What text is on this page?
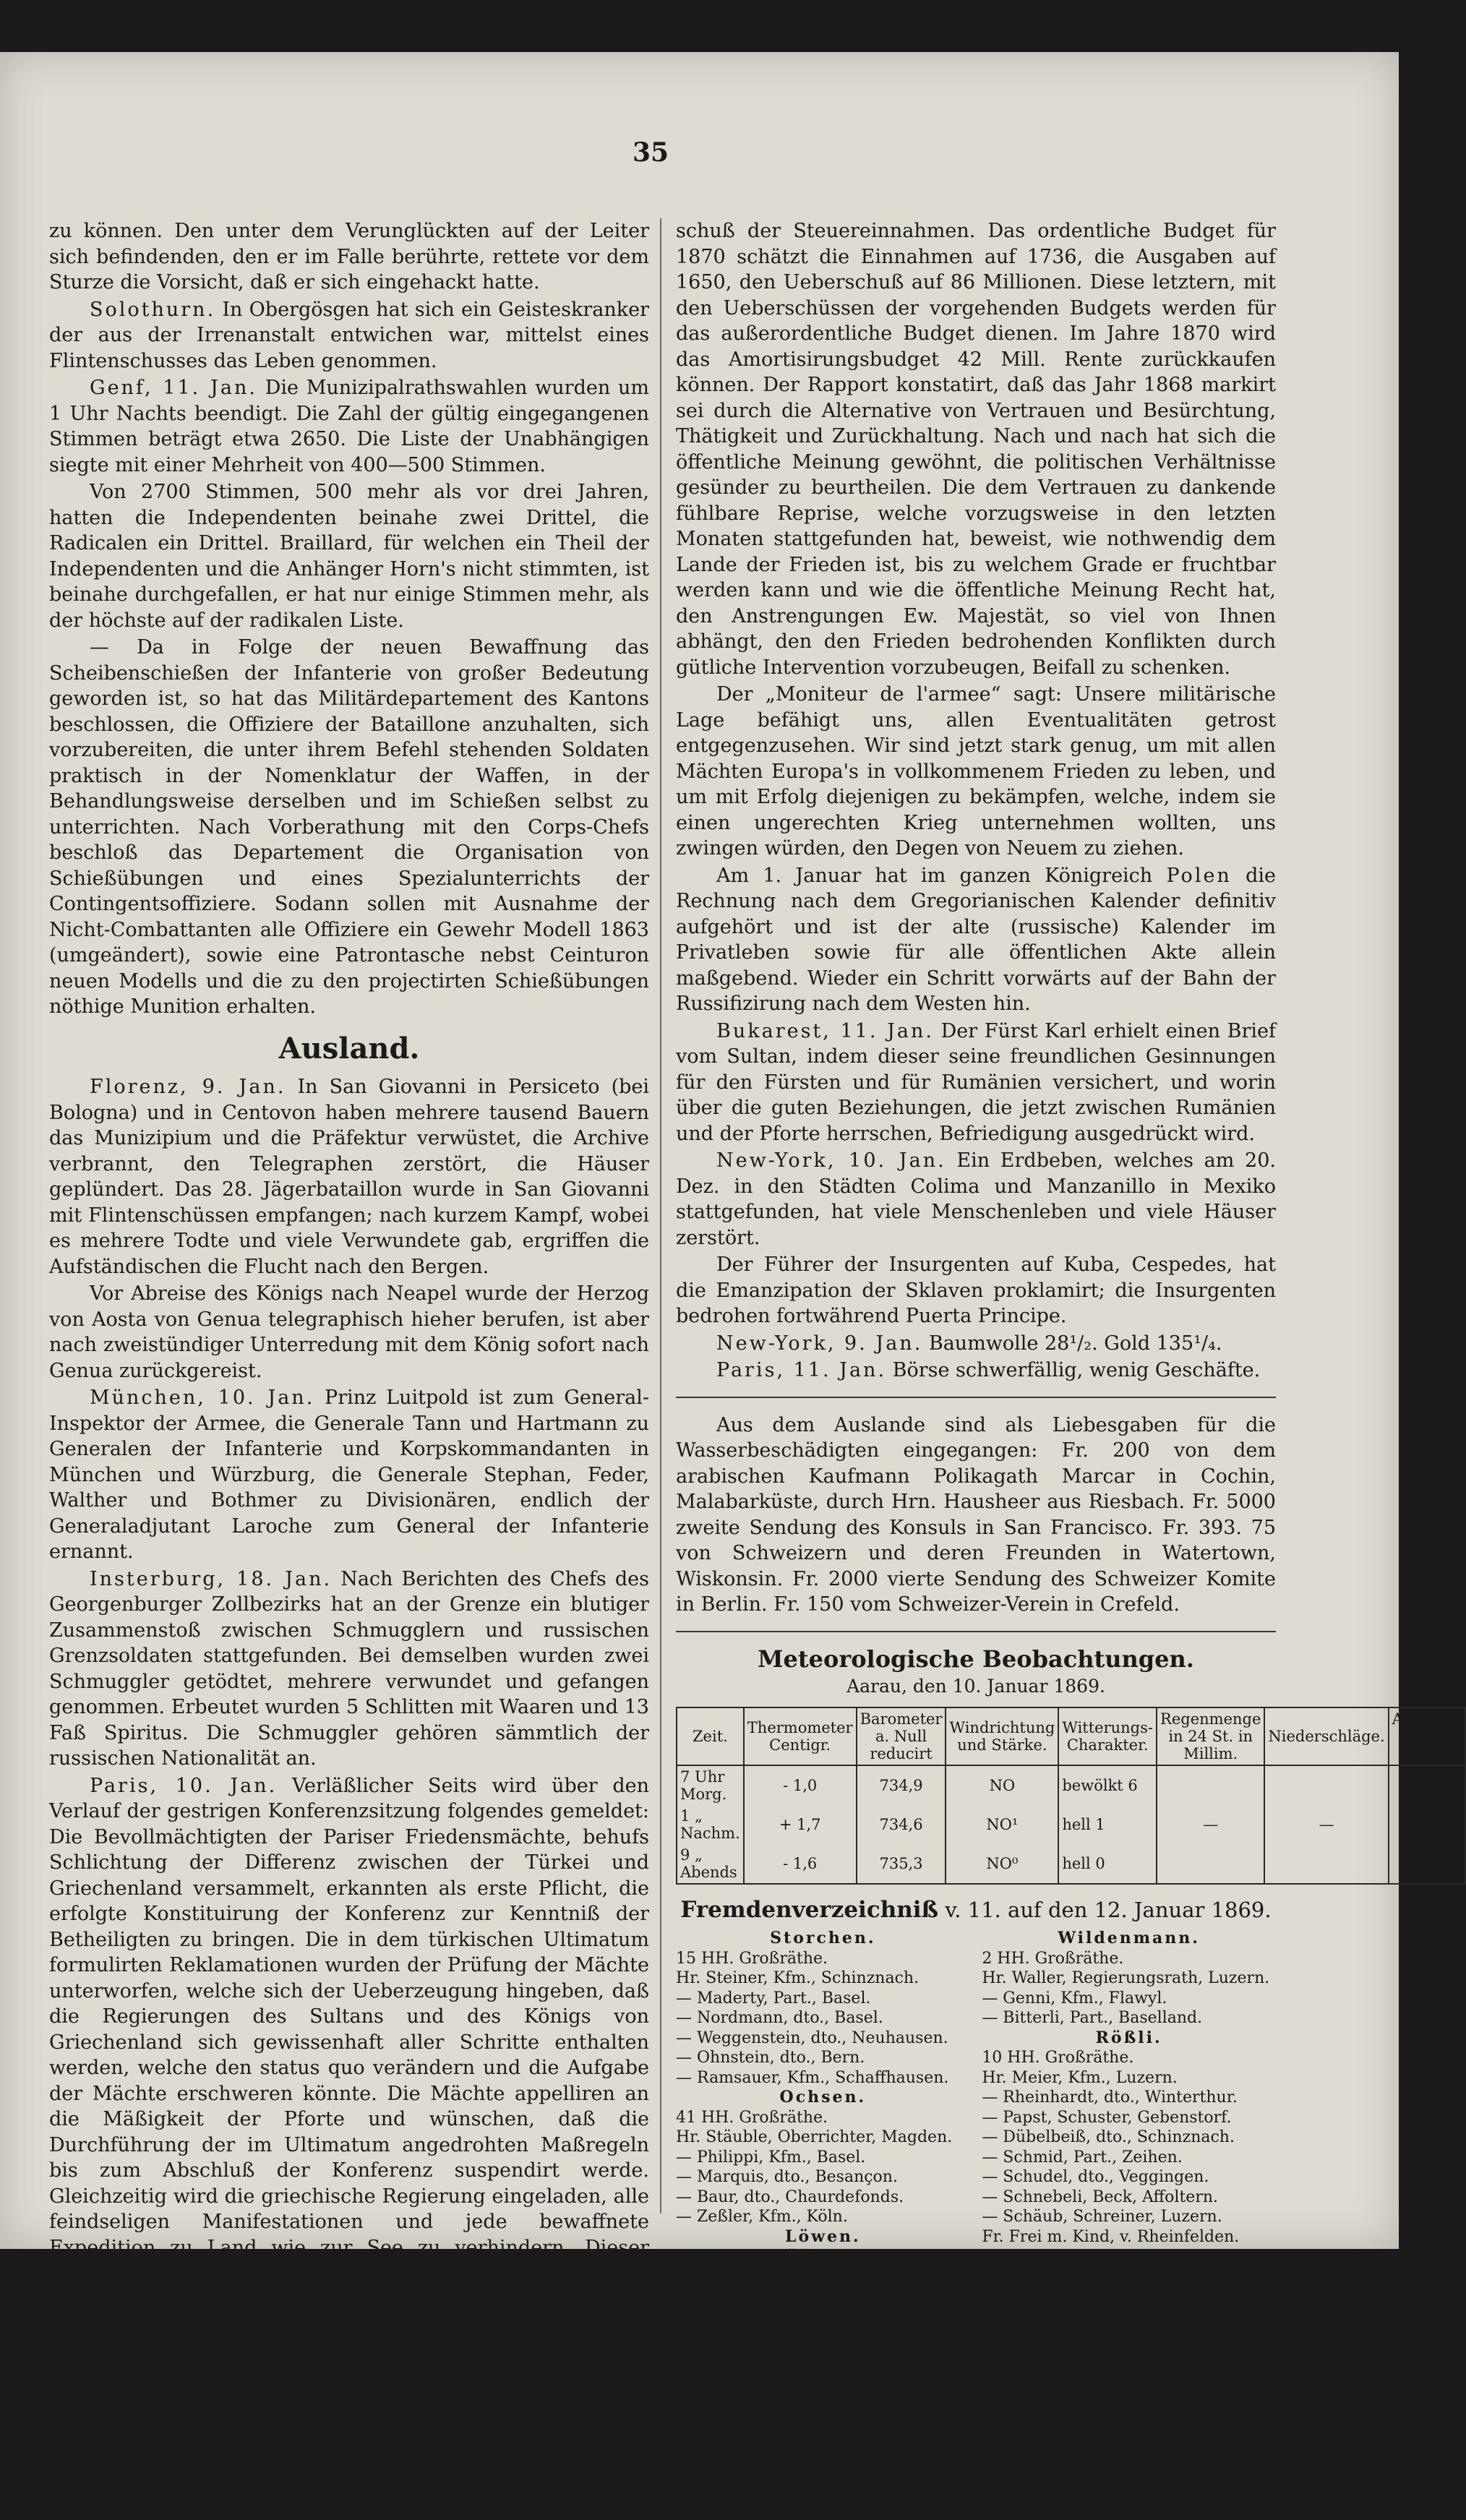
35

zu können. Den unter dem Verunglückten auf der Leiter sich befindenden, den er im Falle berührte, rettete vor dem Sturze die Vorsicht, daß er sich eingehackt hatte.

Solothurn. In Obergösgen hat sich ein Geisteskranker der aus der Irrenanstalt entwichen war, mittelst eines Flintenschusses das Leben genommen.

Genf, 11. Jan. Die Munizipalrathswahlen wurden um 1 Uhr Nachts beendigt. Die Zahl der gültig eingegangenen Stimmen beträgt etwa 2650. Die Liste der Unabhängigen siegte mit einer Mehrheit von 400—500 Stimmen.

Von 2700 Stimmen, 500 mehr als vor drei Jahren, hatten die Independenten beinahe zwei Drittel, die Radicalen ein Drittel. Braillard, für welchen ein Theil der Independenten und die Anhänger Horn's nicht stimmten, ist beinahe durchgefallen, er hat nur einige Stimmen mehr, als der höchste auf der radikalen Liste.

— Da in Folge der neuen Bewaffnung das Scheibenschießen der Infanterie von großer Bedeutung geworden ist, so hat das Militärdepartement des Kantons beschlossen, die Offiziere der Bataillone anzuhalten, sich vorzubereiten, die unter ihrem Befehl stehenden Soldaten praktisch in der Nomenklatur der Waffen, in der Behandlungsweise derselben und im Schießen selbst zu unterrichten. Nach Vorberathung mit den Corps-Chefs beschloß das Departement die Organisation von Schießübungen und eines Spezialunterrichts der Contingentsoffiziere. Sodann sollen mit Ausnahme der Nicht-Combattanten alle Offiziere ein Gewehr Modell 1863 (umgeändert), sowie eine Patrontasche nebst Ceinturon neuen Modells und die zu den projectirten Schießübungen nöthige Munition erhalten.

Ausland.

Florenz, 9. Jan. In San Giovanni in Persiceto (bei Bologna) und in Centovon haben mehrere tausend Bauern das Munizipium und die Präfektur verwüstet, die Archive verbrannt, den Telegraphen zerstört, die Häuser geplündert. Das 28. Jägerbataillon wurde in San Giovanni mit Flintenschüssen empfangen; nach kurzem Kampf, wobei es mehrere Todte und viele Verwundete gab, ergriffen die Aufständischen die Flucht nach den Bergen.

Vor Abreise des Königs nach Neapel wurde der Herzog von Aosta von Genua telegraphisch hieher berufen, ist aber nach zweistündiger Unterredung mit dem König sofort nach Genua zurückgereist.

München, 10. Jan. Prinz Luitpold ist zum General-Inspektor der Armee, die Generale Tann und Hartmann zu Generalen der Infanterie und Korpskommandanten in München und Würzburg, die Generale Stephan, Feder, Walther und Bothmer zu Divisionären, endlich der Generaladjutant Laroche zum General der Infanterie ernannt.

Insterburg, 18. Jan. Nach Berichten des Chefs des Georgenburger Zollbezirks hat an der Grenze ein blutiger Zusammenstoß zwischen Schmugglern und russischen Grenzsoldaten stattgefunden. Bei demselben wurden zwei Schmuggler getödtet, mehrere verwundet und gefangen genommen. Erbeutet wurden 5 Schlitten mit Waaren und 13 Faß Spiritus. Die Schmuggler gehören sämmtlich der russischen Nationalität an.

Paris, 10. Jan. Verläßlicher Seits wird über den Verlauf der gestrigen Konferenzsitzung folgendes gemeldet: Die Bevollmächtigten der Pariser Friedensmächte, behufs Schlichtung der Differenz zwischen der Türkei und Griechenland versammelt, erkannten als erste Pflicht, die erfolgte Konstituirung der Konferenz zur Kenntniß der Betheiligten zu bringen. Die in dem türkischen Ultimatum formulirten Reklamationen wurden der Prüfung der Mächte unterworfen, welche sich der Ueberzeugung hingeben, daß die Regierungen des Sultans und des Königs von Griechenland sich gewissenhaft aller Schritte enthalten werden, welche den status quo verändern und die Aufgabe der Mächte erschweren könnte. Die Mächte appelliren an die Mäßigkeit der Pforte und wünschen, daß die Durchführung der im Ultimatum angedrohten Maßregeln bis zum Abschluß der Konferenz suspendirt werde. Gleichzeitig wird die griechische Regierung eingeladen, alle feindseligen Manifestationen und jede bewaffnete Expedition zu Land wie zur See zu verhindern. Dieser Konferenzbeschluß wurde gleichzeitig nach Konstantinopel und Athen modifizirt.

Paris, 11. Jan. Der Finanzrapport des Ministers Magne, der im offiziellen Journal veröffentlicht ist, sagt: Die schwebende Schuld ist von 902 auf 727 Mill. zurückgebracht worden. Die indirekten Steuern haben 1869 um 34 Mill. mehr als im Jahre 1867 ergeben. Der Dienst von 1869 wird kein Rektifikativ-Budget haben; die verlangten Nachtragskredite erreichen nicht 28 Mill. und werden reichlich aufgewogen werden durch den Ueber-

schuß der Steuereinnahmen. Das ordentliche Budget für 1870 schätzt die Einnahmen auf 1736, die Ausgaben auf 1650, den Ueberschuß auf 86 Millionen. Diese letztern, mit den Ueberschüssen der vorgehenden Budgets werden für das außerordentliche Budget dienen. Im Jahre 1870 wird das Amortisirungsbudget 42 Mill. Rente zurückkaufen können. Der Rapport konstatirt, daß das Jahr 1868 markirt sei durch die Alternative von Vertrauen und Besürchtung, Thätigkeit und Zurückhaltung. Nach und nach hat sich die öffentliche Meinung gewöhnt, die politischen Verhältnisse gesünder zu beurtheilen. Die dem Vertrauen zu dankende fühlbare Reprise, welche vorzugsweise in den letzten Monaten stattgefunden hat, beweist, wie nothwendig dem Lande der Frieden ist, bis zu welchem Grade er fruchtbar werden kann und wie die öffentliche Meinung Recht hat, den Anstrengungen Ew. Majestät, so viel von Ihnen abhängt, den den Frieden bedrohenden Konflikten durch gütliche Intervention vorzubeugen, Beifall zu schenken.

Der „Moniteur de l'armee“ sagt: Unsere militärische Lage befähigt uns, allen Eventualitäten getrost entgegenzusehen. Wir sind jetzt stark genug, um mit allen Mächten Europa's in vollkommenem Frieden zu leben, und um mit Erfolg diejenigen zu bekämpfen, welche, indem sie einen ungerechten Krieg unternehmen wollten, uns zwingen würden, den Degen von Neuem zu ziehen.

Am 1. Januar hat im ganzen Königreich Polen die Rechnung nach dem Gregorianischen Kalender definitiv aufgehört und ist der alte (russische) Kalender im Privatleben sowie für alle öffentlichen Akte allein maßgebend. Wieder ein Schritt vorwärts auf der Bahn der Russifizirung nach dem Westen hin.

Bukarest, 11. Jan. Der Fürst Karl erhielt einen Brief vom Sultan, indem dieser seine freundlichen Gesinnungen für den Fürsten und für Rumänien versichert, und worin über die guten Beziehungen, die jetzt zwischen Rumänien und der Pforte herrschen, Befriedigung ausgedrückt wird.

New-York, 10. Jan. Ein Erdbeben, welches am 20. Dez. in den Städten Colima und Manzanillo in Mexiko stattgefunden, hat viele Menschenleben und viele Häuser zerstört.

Der Führer der Insurgenten auf Kuba, Cespedes, hat die Emanzipation der Sklaven proklamirt; die Insurgenten bedrohen fortwährend Puerta Principe.

New-York, 9. Jan. Baumwolle 28¹/₂. Gold 135¹/₄.

Paris, 11. Jan. Börse schwerfällig, wenig Geschäfte.

Aus dem Auslande sind als Liebesgaben für die Wasserbeschädigten eingegangen: Fr. 200 von dem arabischen Kaufmann Polikagath Marcar in Cochin, Malabarküste, durch Hrn. Hausheer aus Riesbach. Fr. 5000 zweite Sendung des Konsuls in San Francisco. Fr. 393. 75 von Schweizern und deren Freunden in Watertown, Wiskonsin. Fr. 2000 vierte Sendung des Schweizer Komite in Berlin. Fr. 150 vom Schweizer-Verein in Crefeld.

Meteorologische Beobachtungen.
Aarau, den 10. Januar 1869.
Zeit.	Thermometer Centigr.	Barometer a. Null reducirt	Windrichtung und Stärke.	Witterungs-Charakter.	Regenmenge in 24 St. in Millim.	Niederschläge.	Aarstand in Fußen.
7 Uhr Morg.	- 1,0	734,9	NO	bewölkt 6			12,3
1 „ Nachm.	+ 1,7	734,6	NO¹	hell 1	—	—	12,3
9 „ Abends	- 1,6	735,3	NO⁰	hell 0			12,3
Fremdenverzeichniß v. 11. auf den 12. Januar 1869.
Storchen.
15 HH. Großräthe.
Hr. Steiner, Kfm., Schinznach.
— Maderty, Part., Basel.
— Nordmann, dto., Basel.
— Weggenstein, dto., Neuhausen.
— Ohnstein, dto., Bern.
— Ramsauer, Kfm., Schaffhausen.
Ochsen.
41 HH. Großräthe.
Hr. Stäuble, Oberrichter, Magden.
— Philippi, Kfm., Basel.
— Marquis, dto., Besançon.
— Baur, dto., Chaurdefonds.
— Zeßler, Kfm., Köln.
Löwen.
20 HH. Großräthe.
Hr. Maurer, Part., Luzern.
— Weber, Kfm., Zürich.
— Wolf, dto., Ulm.
— Häberli, dto., Zürich.
— Kuhn 3, Part., Zürich.
— Hertz 3, Kfm., Crefeld.
Krone.
15 HH. Großräthe.
Wildenmann.
2 HH. Großräthe.
Hr. Waller, Regierungsrath, Luzern.
— Genni, Kfm., Flawyl.
— Bitterli, Part., Baselland.
Rößli.
10 HH. Großräthe.
Hr. Meier, Kfm., Luzern.
— Rheinhardt, dto., Winterthur.
— Papst, Schuster, Gebenstorf.
— Dübelbeiß, dto., Schinznach.
— Schmid, Part., Zeihen.
— Schudel, dto., Veggingen.
— Schnebeli, Beck, Affoltern.
— Schäub, Schreiner, Luzern.
Fr. Frei m. Kind, v. Rheinfelden.
Schwert
5 HH. Großräthe.
Hr. Riniker, Part., Schinznach.
— Ehrensperger, v. Oberwinterthur.
— Huber, Tischler, München
— Martine, Part., Emmingen.
— Eggimann, Part., Gondiswyl.
— Blaser, dto., Bern.
— Baumann, Part., Muhen.
